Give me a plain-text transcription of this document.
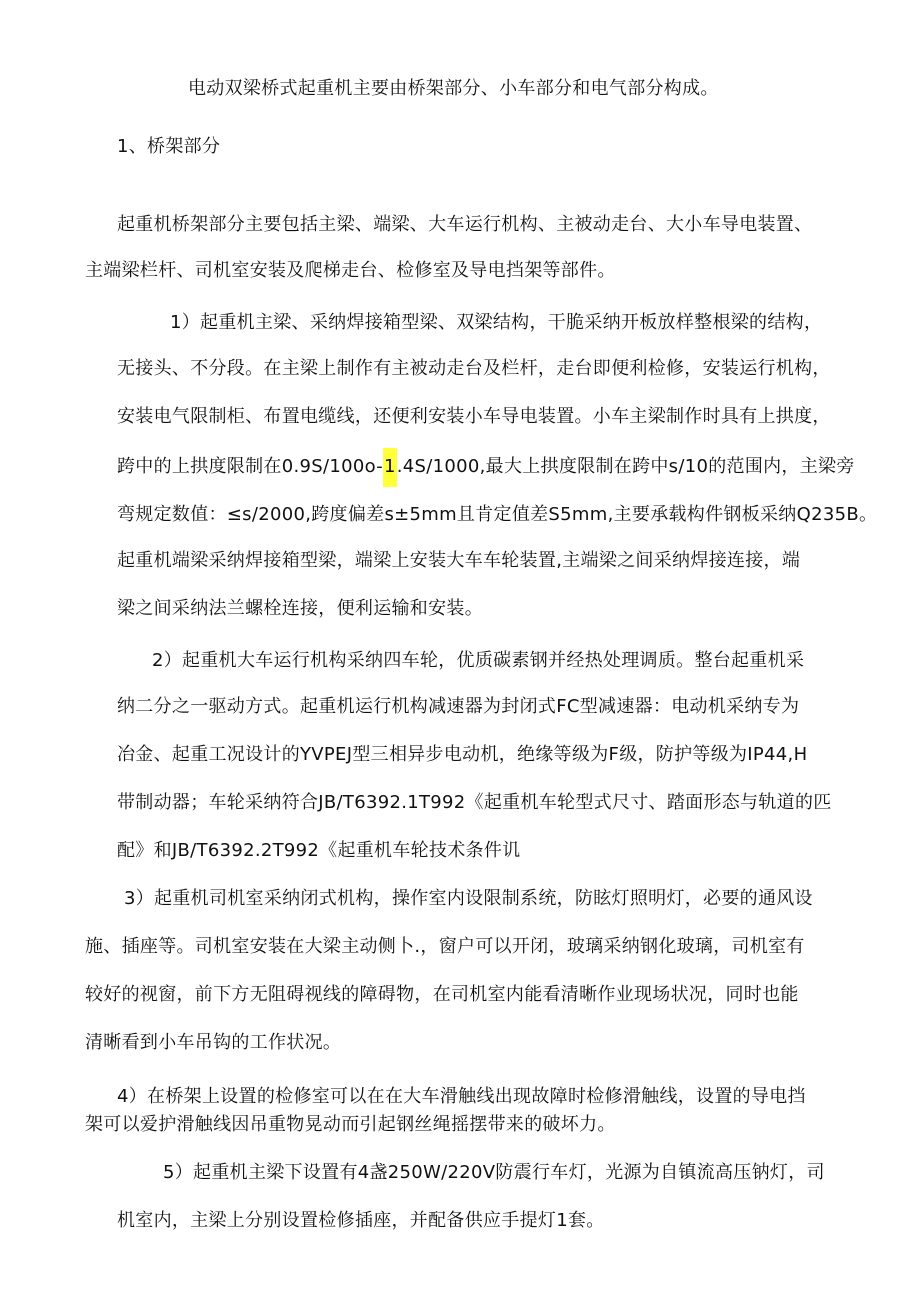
电动双梁桥式起重机主要由桥架部分、小车部分和电气部分构成。
1、桥架部分
起重机桥架部分主要包括主梁、端梁、大车运行机构、主被动走台、大小车导电装置、
主端梁栏杆、司机室安装及爬梯走台、检修室及导电挡架等部件。
1）起重机主梁、采纳焊接箱型梁、双梁结构，干脆采纳开板放样整根梁的结构，
无接头、不分段。在主梁上制作有主被动走台及栏杆，走台即便利检修，安装运行机构，
安装电气限制柜、布置电缆线，还便利安装小车导电装置。小车主梁制作时具有上拱度，
跨中的上拱度限制在0.9S/100o-1.4S/1000,最大上拱度限制在跨中s/10的范围内，主梁旁
弯规定数值：≤s/2000,跨度偏差s±5mm且肯定值差S5mm,主要承载构件钢板采纳Q235B。
起重机端梁采纳焊接箱型梁，端梁上安装大车车轮装置,主端梁之间采纳焊接连接，端
梁之间采纳法兰螺栓连接，便利运输和安装。
2）起重机大车运行机构采纳四车轮，优质碳素钢并经热处理调质。整台起重机采
纳二分之一驱动方式。起重机运行机构减速器为封闭式FC型减速器：电动机采纳专为
冶金、起重工况设计的YVPEJ型三相异步电动机，绝缘等级为F级，防护等级为IP44,H
带制动器；车轮采纳符合JB/T6392.1T992《起重机车轮型式尺寸、踏面形态与轨道的匹
配》和JB/T6392.2T992《起重机车轮技术条件讥
3）起重机司机室采纳闭式机构，操作室内设限制系统，防眩灯照明灯，必要的通风设
施、插座等。司机室安装在大梁主动侧卜.，窗户可以开闭，玻璃采纳钢化玻璃，司机室有
较好的视窗，前下方无阻碍视线的障碍物，在司机室内能看清晰作业现场状况，同时也能
清晰看到小车吊钩的工作状况。
4）在桥架上设置的检修室可以在在大车滑触线出现故障时检修滑触线，设置的导电挡
架可以爱护滑触线因吊重物晃动而引起钢丝绳摇摆带来的破坏力。
5）起重机主梁下设置有4盏250W/220V防震行车灯，光源为自镇流高压钠灯，司
机室内，主梁上分别设置检修插座，并配备供应手提灯1套。
